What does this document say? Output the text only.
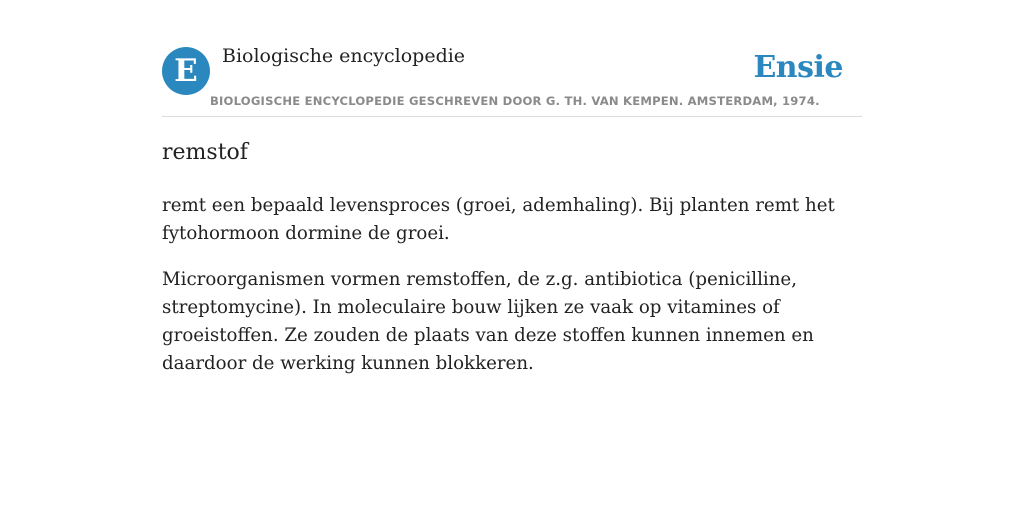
E	Biologische encyclopedie	Ensie
BIOLOGISCHE ENCYCLOPEDIE GESCHREVEN DOOR G. TH. VAN KEMPEN. AMSTERDAM, 1974.
remstof

remt een bepaald levensproces (groei, ademhaling). Bij planten remt het fytohormoon dormine de groei.

Microorganismen vormen remstoffen, de z.g. antibiotica (penicilline, streptomycine). In moleculaire bouw lijken ze vaak op vitamines of groeistoffen. Ze zouden de plaats van deze stoffen kunnen innemen en daardoor de werking kunnen blokkeren.
